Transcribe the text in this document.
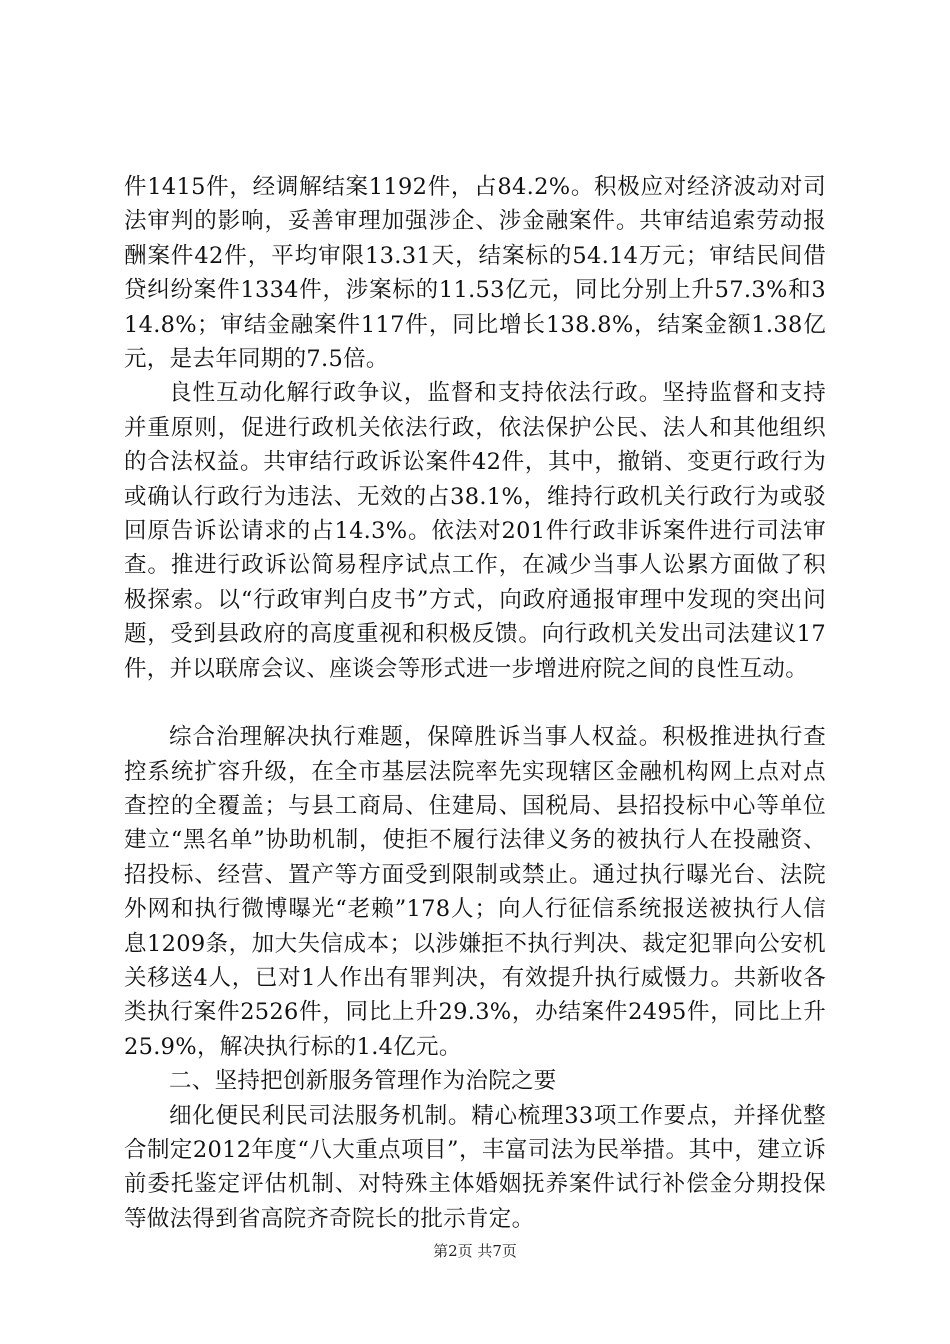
件1415件，经调解结案1192件，占84.2%。积极应对经济波动对司法审判的影响，妥善审理加强涉企、涉金融案件。共审结追索劳动报酬案件42件，平均审限13.31天，结案标的54.14万元；审结民间借贷纠纷案件1334件，涉案标的11.53亿元，同比分别上升57.3%和314.8%；审结金融案件117件，同比增长138.8%，结案金额1.38亿元，是去年同期的7.5倍。

良性互动化解行政争议，监督和支持依法行政。坚持监督和支持并重原则，促进行政机关依法行政，依法保护公民、法人和其他组织的合法权益。共审结行政诉讼案件42件，其中，撤销、变更行政行为或确认行政行为违法、无效的占38.1%，维持行政机关行政行为或驳回原告诉讼请求的占14.3%。依法对201件行政非诉案件进行司法审查。推进行政诉讼简易程序试点工作，在减少当事人讼累方面做了积极探索。以“行政审判白皮书”方式，向政府通报审理中发现的突出问题，受到县政府的高度重视和积极反馈。向行政机关发出司法建议17件，并以联席会议、座谈会等形式进一步增进府院之间的良性互动。

综合治理解决执行难题，保障胜诉当事人权益。积极推进执行查控系统扩容升级，在全市基层法院率先实现辖区金融机构网上点对点查控的全覆盖；与县工商局、住建局、国税局、县招投标中心等单位建立“黑名单”协助机制，使拒不履行法律义务的被执行人在投融资、招投标、经营、置产等方面受到限制或禁止。通过执行曝光台、法院外网和执行微博曝光“老赖”178人；向人行征信系统报送被执行人信息1209条，加大失信成本；以涉嫌拒不执行判决、裁定犯罪向公安机关移送4人，已对1人作出有罪判决，有效提升执行威慑力。共新收各类执行案件2526件，同比上升29.3%，办结案件2495件，同比上升25.9%，解决执行标的1.4亿元。

二、坚持把创新服务管理作为治院之要

细化便民利民司法服务机制。精心梳理33项工作要点，并择优整合制定2012年度“八大重点项目”，丰富司法为民举措。其中，建立诉前委托鉴定评估机制、对特殊主体婚姻抚养案件试行补偿金分期投保等做法得到省高院齐奇院长的批示肯定。

第2页 共7页
